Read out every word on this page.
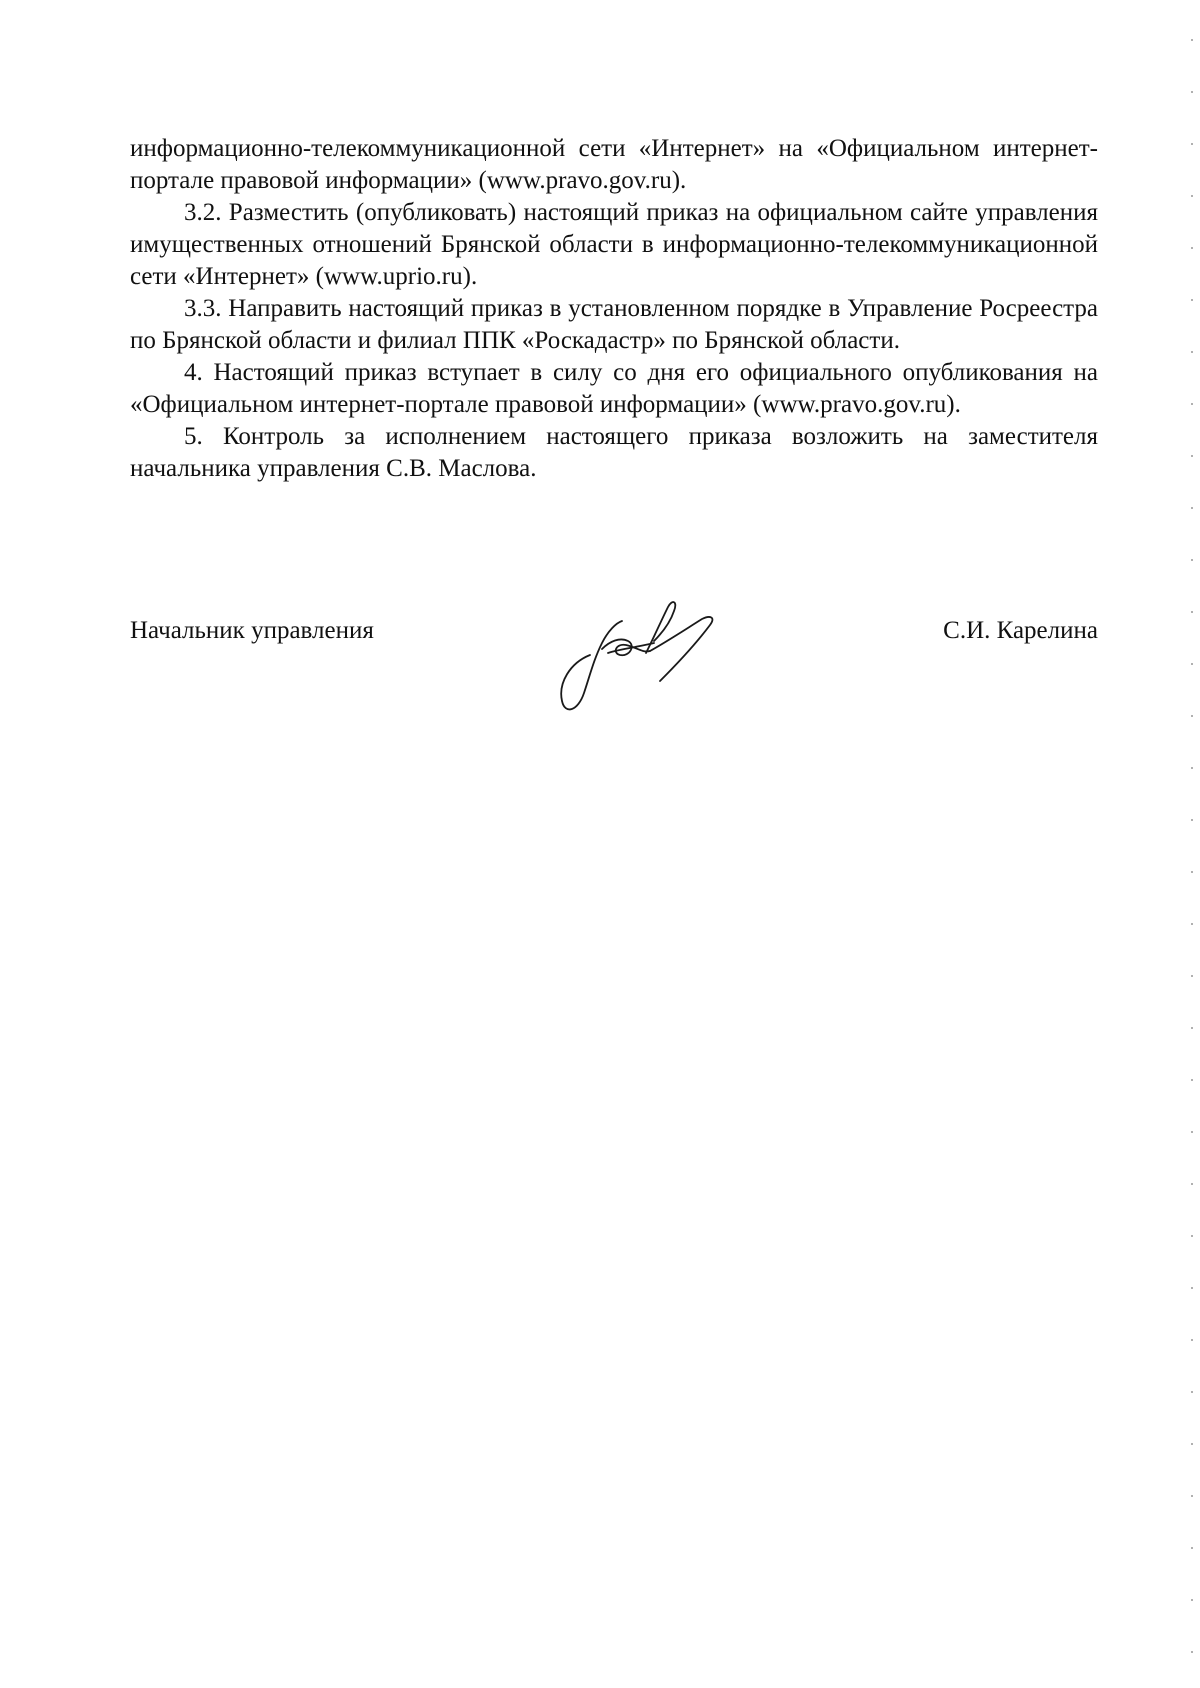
информационно-телекоммуникационной сети «Интернет» на «Официальном интернет-портале правовой информации» (www.pravo.gov.ru).

3.2. Разместить (опубликовать) настоящий приказ на официальном сайте управления имущественных отношений Брянской области в информационно-телекоммуникационной сети «Интернет» (www.uprio.ru).

3.3. Направить настоящий приказ в установленном порядке в Управление Росреестра по Брянской области и филиал ППК «Роскадастр» по Брянской области.

4. Настоящий приказ вступает в силу со дня его официального опубликования на «Официальном интернет-портале правовой информации» (www.pravo.gov.ru).

5. Контроль за исполнением настоящего приказа возложить на заместителя начальника управления С.В. Маслова.

Начальник управления	С.И. Карелина
